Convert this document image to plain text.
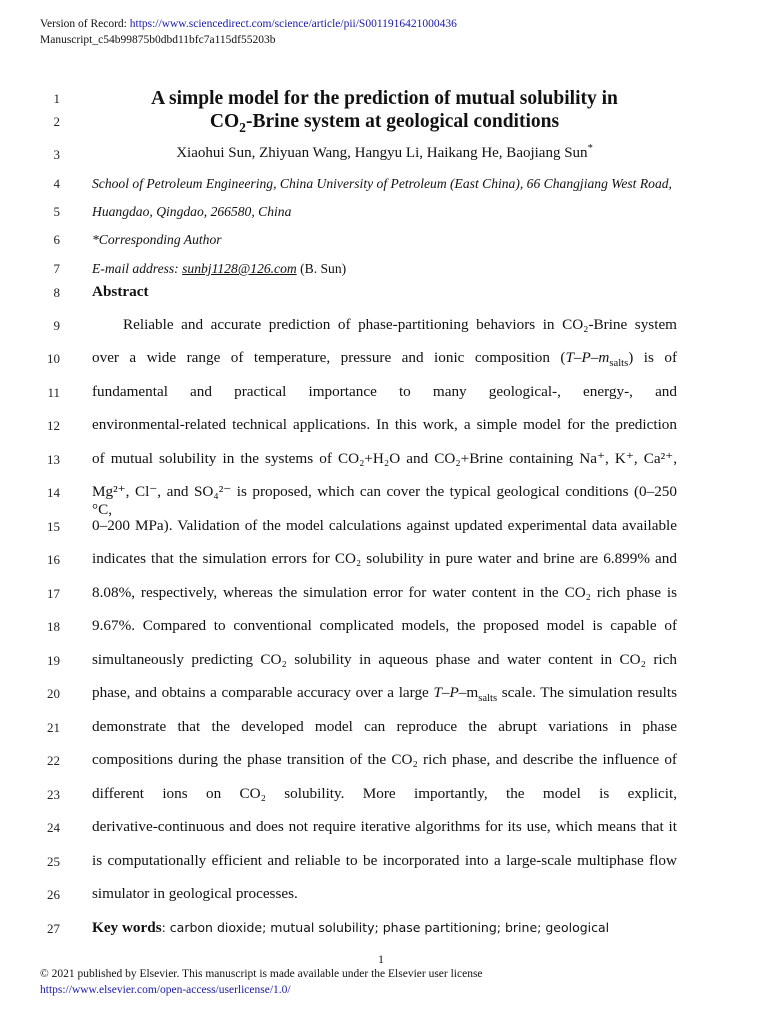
Version of Record: https://www.sciencedirect.com/science/article/pii/S0011916421000436
Manuscript_c54b99875b0dbd11bfc7a115df55203b
1
2
3
4
5
6
7
8
9
10
11
12
13
14
15
16
17
18
19
20
21
22
23
24
25
26
27
A simple model for the prediction of mutual solubility in
$CO_2$-Brine system at geological conditions
Xiaohui Sun, Zhiyuan Wang, Hangyu Li, Haikang He, Baojiang Sun*
School of Petroleum Engineering, China University of Petroleum (East China), 66 Changjiang West Road,
Huangdao, Qingdao, 266580, China
*Corresponding Author
E-mail address: sunbj1128@126.com (B. Sun)
Abstract
Reliable and accurate prediction of phase-partitioning behaviors in CO₂-Brine system
over a wide range of temperature, pressure and ionic composition $(T-P-m_{salts})$ is of
fundamental and practical importance to many geological-, energy-, and
environmental-related technical applications. In this work, a simple model for the prediction
of mutual solubility in the systems of CO₂+H₂O and CO₂+Brine containing Na⁺, K⁺, Ca²⁺,
Mg²⁺, Cl⁻, and SO₄²⁻ is proposed, which can cover the typical geological conditions (0–250 °C,
0–200 MPa). Validation of the model calculations against updated experimental data available
indicates that the simulation errors for CO₂ solubility in pure water and brine are 6.899% and
8.08%, respectively, whereas the simulation error for water content in the CO₂ rich phase is
9.67%. Compared to conventional complicated models, the proposed model is capable of
simultaneously predicting CO₂ solubility in aqueous phase and water content in CO₂ rich
phase, and obtains a comparable accuracy over a large $T-P-m_{salts}$ scale. The simulation results
demonstrate that the developed model can reproduce the abrupt variations in phase
compositions during the phase transition of the CO₂ rich phase, and describe the influence of
different ions on CO₂ solubility. More importantly, the model is explicit,
derivative-continuous and does not require iterative algorithms for its use, which means that it
is computationally efficient and reliable to be incorporated into a large-scale multiphase flow
simulator in geological processes.
Key words: carbon dioxide; mutual solubility; phase partitioning; brine; geological
1
© 2021 published by Elsevier. This manuscript is made available under the Elsevier user license
https://www.elsevier.com/open-access/userlicense/1.0/
